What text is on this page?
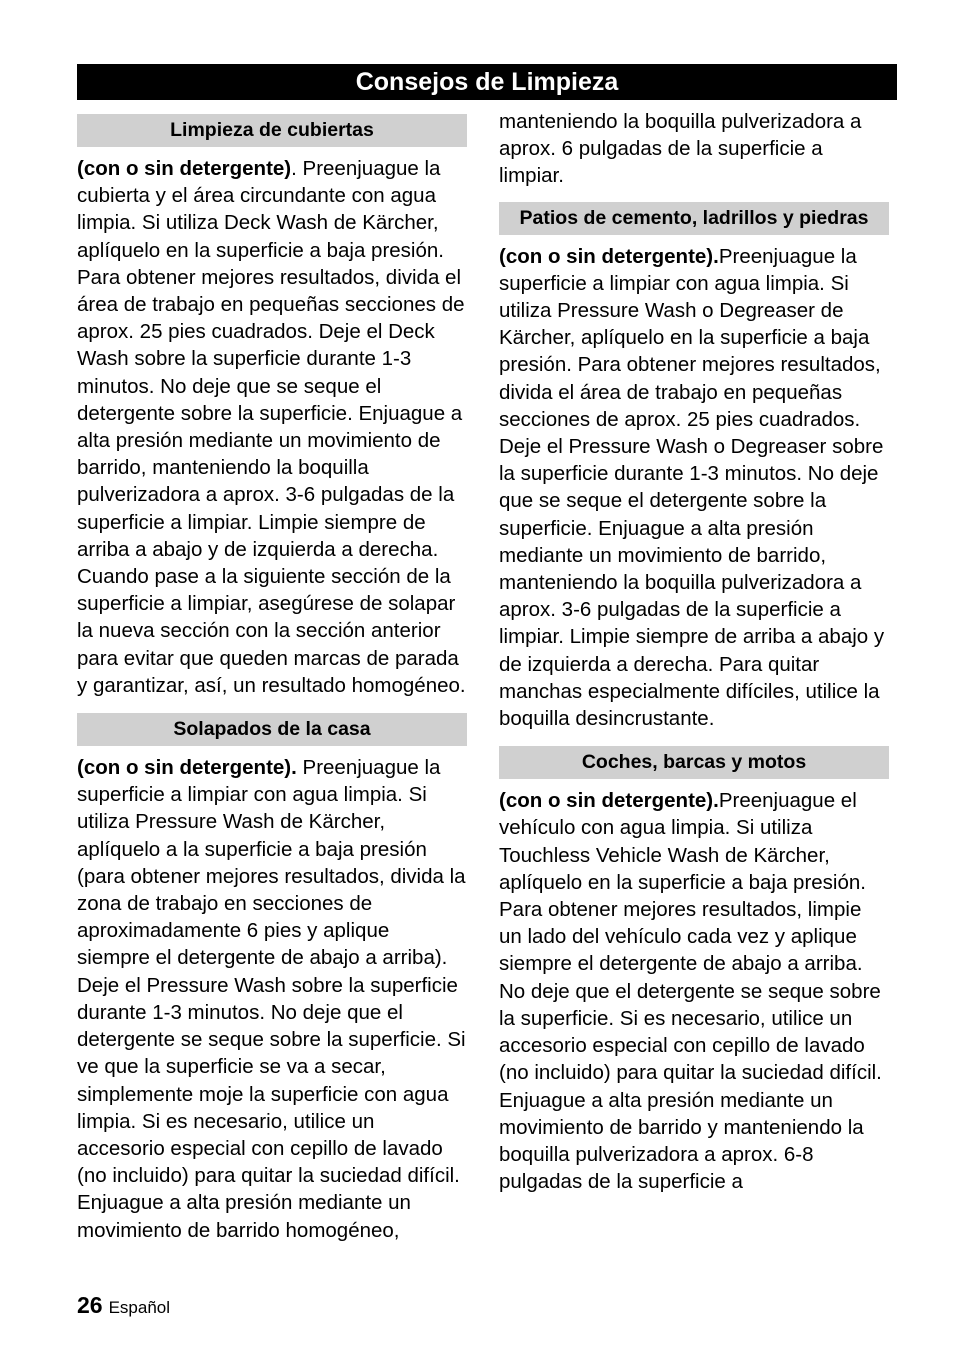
Consejos de Limpieza
Limpieza de cubiertas

(con o sin detergente). Preenjuague la cubierta y el área circundante con agua limpia. Si utiliza Deck Wash de Kärcher, aplíquelo en la superficie a baja presión. Para obtener mejores resultados, divida el área de trabajo en pequeñas secciones de aprox. 25 pies cuadrados. Deje el Deck Wash sobre la superficie durante 1-3 minutos. No deje que se seque el detergente sobre la superficie. Enjuague a alta presión mediante un movimiento de barrido, manteniendo la boquilla pulverizadora a aprox. 3-6 pulgadas de la superficie a limpiar. Limpie siempre de arriba a abajo y de izquierda a derecha. Cuando pase a la siguiente sección de la superficie a limpiar, asegúrese de solapar la nueva sección con la sección anterior para evitar que queden marcas de parada y garantizar, así, un resultado homogéneo.

Solapados de la casa

(con o sin detergente). Preenjuague la superficie a limpiar con agua limpia. Si utiliza Pressure Wash de Kärcher, aplíquelo a la superficie a baja presión (para obtener mejores resultados, divida la zona de trabajo en secciones de aproximadamente 6 pies y aplique siempre el detergente de abajo a arriba). Deje el Pressure Wash sobre la superficie durante 1-3 minutos. No deje que el detergente se seque sobre la superficie. Si ve que la superficie se va a secar, simplemente moje la superficie con agua limpia. Si es necesario, utilice un accesorio especial con cepillo de lavado (no incluido) para quitar la suciedad difícil. Enjuague a alta presión mediante un movimiento de barrido homogéneo,

manteniendo la boquilla pulverizadora a aprox. 6 pulgadas de la superficie a limpiar.

Patios de cemento, ladrillos y piedras

(con o sin detergente).Preenjuague la superficie a limpiar con agua limpia. Si utiliza Pressure Wash o Degreaser de Kärcher, aplíquelo en la superficie a baja presión. Para obtener mejores resultados, divida el área de trabajo en pequeñas secciones de aprox. 25 pies cuadrados. Deje el Pressure Wash o Degreaser sobre la superficie durante 1-3 minutos. No deje que se seque el detergente sobre la superficie. Enjuague a alta presión mediante un movimiento de barrido, manteniendo la boquilla pulverizadora a aprox. 3-6 pulgadas de la superficie a limpiar. Limpie siempre de arriba a abajo y de izquierda a derecha. Para quitar manchas especialmente difíciles, utilice la boquilla desincrustante.

Coches, barcas y motos

(con o sin detergente).Preenjuague el vehículo con agua limpia. Si utiliza Touchless Vehicle Wash de Kärcher, aplíquelo en la superficie a baja presión. Para obtener mejores resultados, limpie un lado del vehículo cada vez y aplique siempre el detergente de abajo a arriba. No deje que el detergente se seque sobre la superficie. Si es necesario, utilice un accesorio especial con cepillo de lavado (no incluido) para quitar la suciedad difícil. Enjuague a alta presión mediante un movimiento de barrido y manteniendo la boquilla pulverizadora a aprox. 6-8 pulgadas de la superficie a

26 Español
